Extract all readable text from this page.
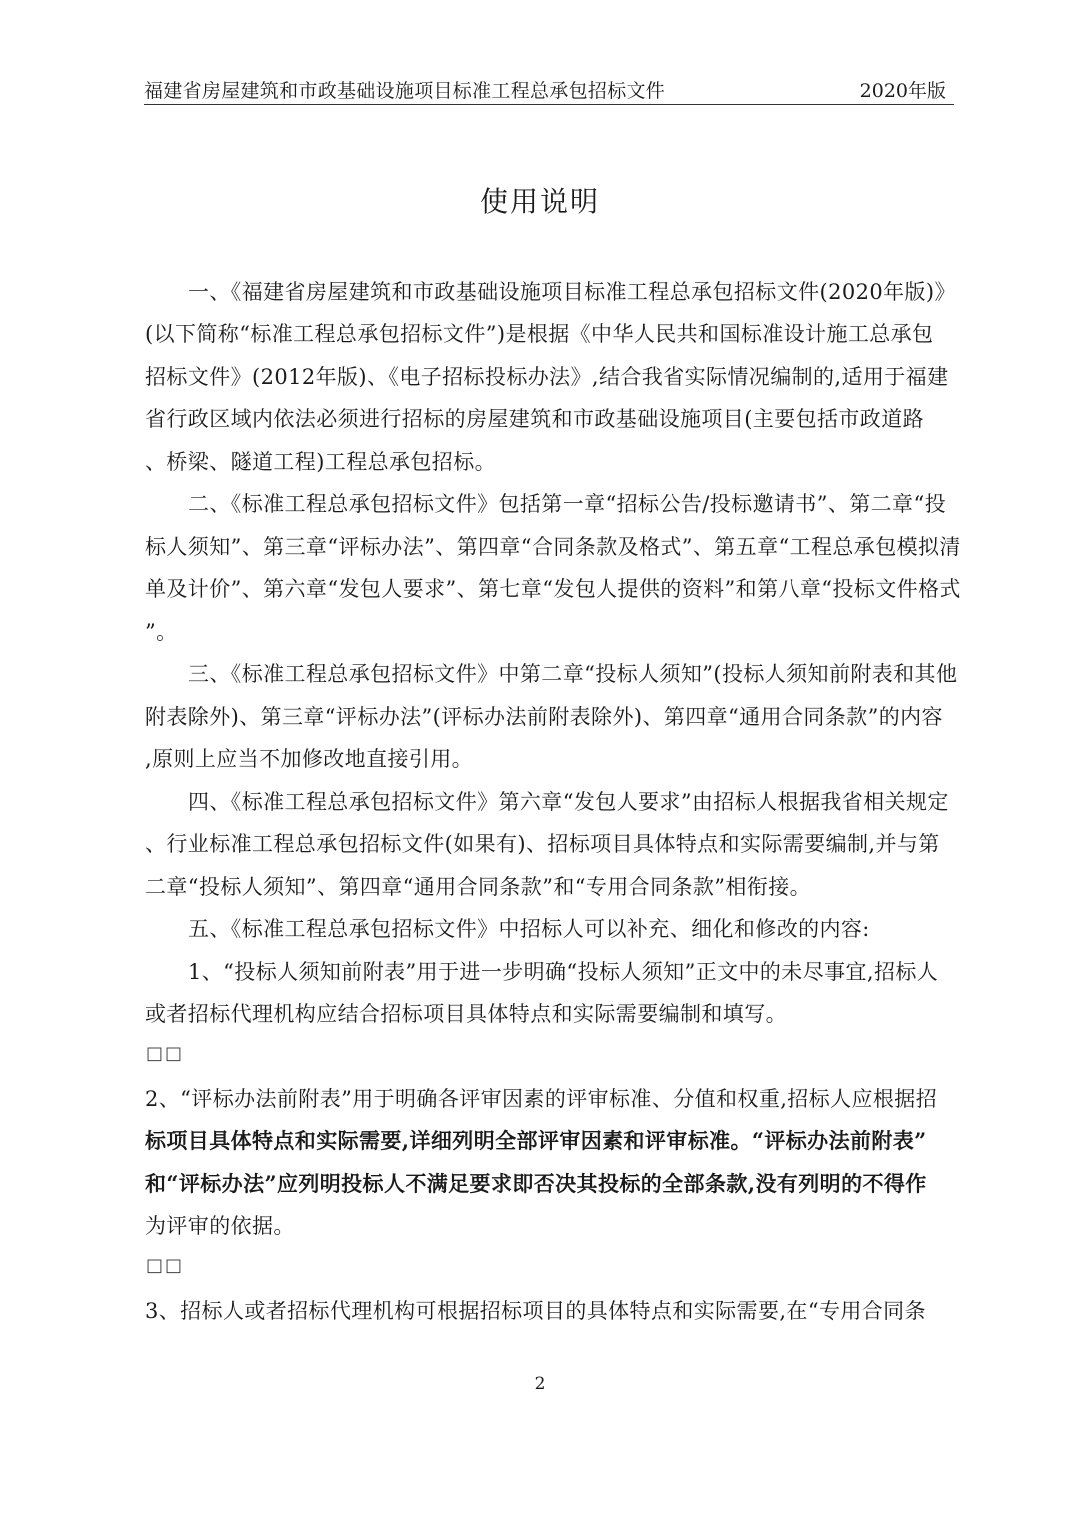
福建省房屋建筑和市政基础设施项目标准工程总承包招标文件	2020年版
使用说明
一、《福建省房屋建筑和市政基础设施项目标准工程总承包招标文件(2020年版)》
(以下简称“标准工程总承包招标文件”)是根据《中华人民共和国标准设计施工总承包
招标文件》(2012年版)、《电子招标投标办法》,结合我省实际情况编制的,适用于福建
省行政区域内依法必须进行招标的房屋建筑和市政基础设施项目(主要包括市政道路
、桥梁、隧道工程)工程总承包招标。
二、《标准工程总承包招标文件》包括第一章“招标公告/投标邀请书”、第二章“投
标人须知”、第三章“评标办法”、第四章“合同条款及格式”、第五章“工程总承包模拟清
单及计价”、第六章“发包人要求”、第七章“发包人提供的资料”和第八章“投标文件格式
”。
三、《标准工程总承包招标文件》中第二章“投标人须知”(投标人须知前附表和其他
附表除外)、第三章“评标办法”(评标办法前附表除外)、第四章“通用合同条款”的内容
,原则上应当不加修改地直接引用。
四、《标准工程总承包招标文件》第六章“发包人要求”由招标人根据我省相关规定
、行业标准工程总承包招标文件(如果有)、招标项目具体特点和实际需要编制,并与第
二章“投标人须知”、第四章“通用合同条款”和“专用合同条款”相衔接。
五、《标准工程总承包招标文件》中招标人可以补充、细化和修改的内容:
1、“投标人须知前附表”用于进一步明确“投标人须知”正文中的未尽事宜,招标人
或者招标代理机构应结合招标项目具体特点和实际需要编制和填写。
□□
2、“评标办法前附表”用于明确各评审因素的评审标准、分值和权重,招标人应根据招
标项目具体特点和实际需要,详细列明全部评审因素和评审标准。“评标办法前附表”
和“评标办法”应列明投标人不满足要求即否决其投标的全部条款,没有列明的不得作
为评审的依据。
□□
3、招标人或者招标代理机构可根据招标项目的具体特点和实际需要,在“专用合同条
2
